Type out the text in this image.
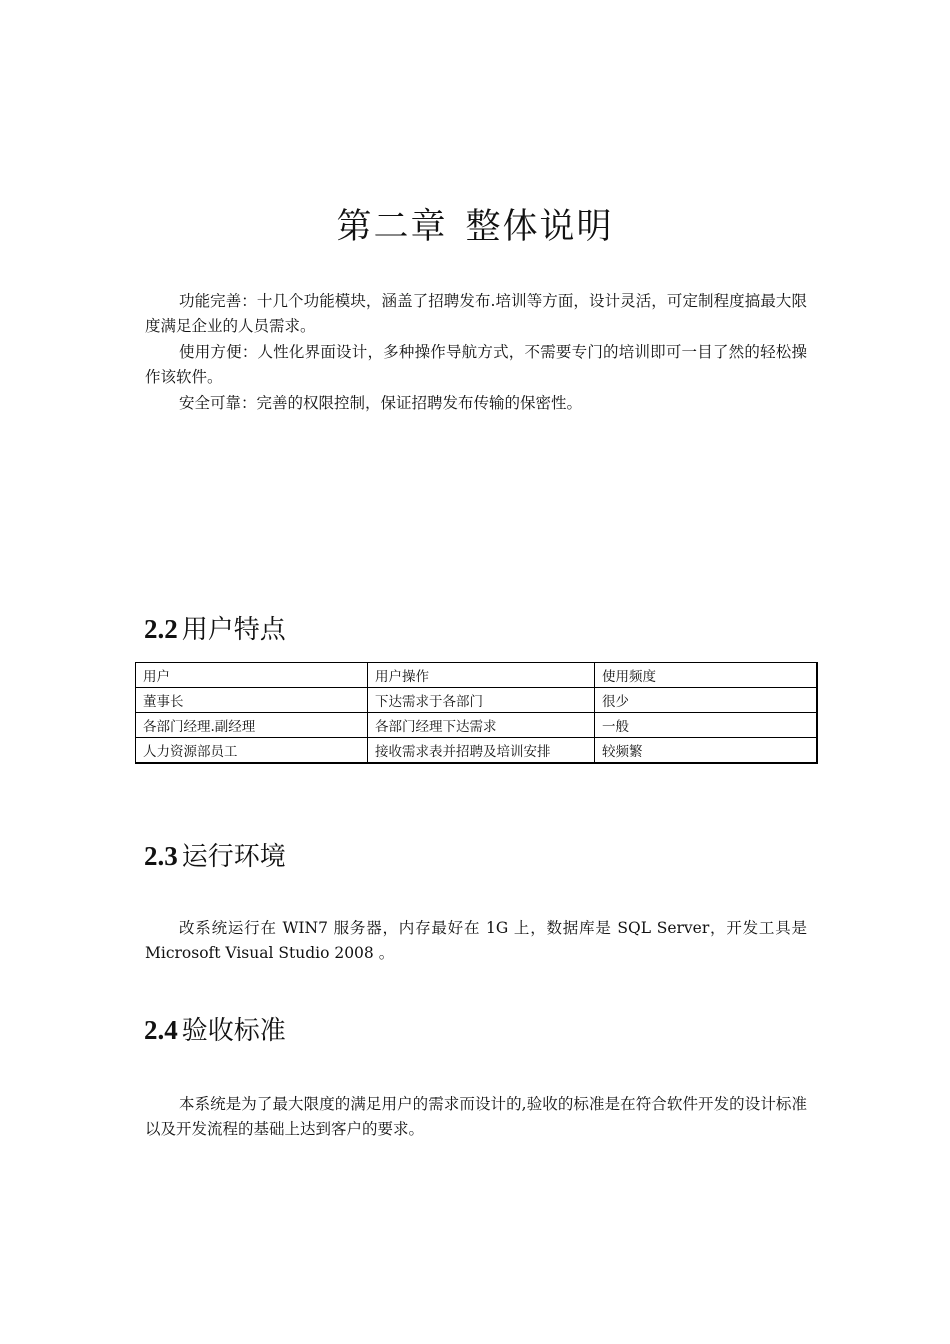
第二章 整体说明

功能完善：十几个功能模块，涵盖了招聘发布.培训等方面，设计灵活，可定制程度搞最大限度满足企业的人员需求。

使用方便：人性化界面设计，多种操作导航方式，不需要专门的培训即可一目了然的轻松操作该软件。

安全可靠：完善的权限控制，保证招聘发布传输的保密性。

2.2 用户特点
用户	用户操作	使用频度
董事长	下达需求于各部门	很少
各部门经理.副经理	各部门经理下达需求	一般
人力资源部员工	接收需求表并招聘及培训安排	较频繁
2.3 运行环境

改系统运行在 WIN7 服务器，内存最好在 1G 上，数据库是 SQL Server，开发工具是 Microsoft Visual Studio 2008 。

2.4 验收标准

本系统是为了最大限度的满足用户的需求而设计的,验收的标准是在符合软件开发的设计标准以及开发流程的基础上达到客户的要求。
